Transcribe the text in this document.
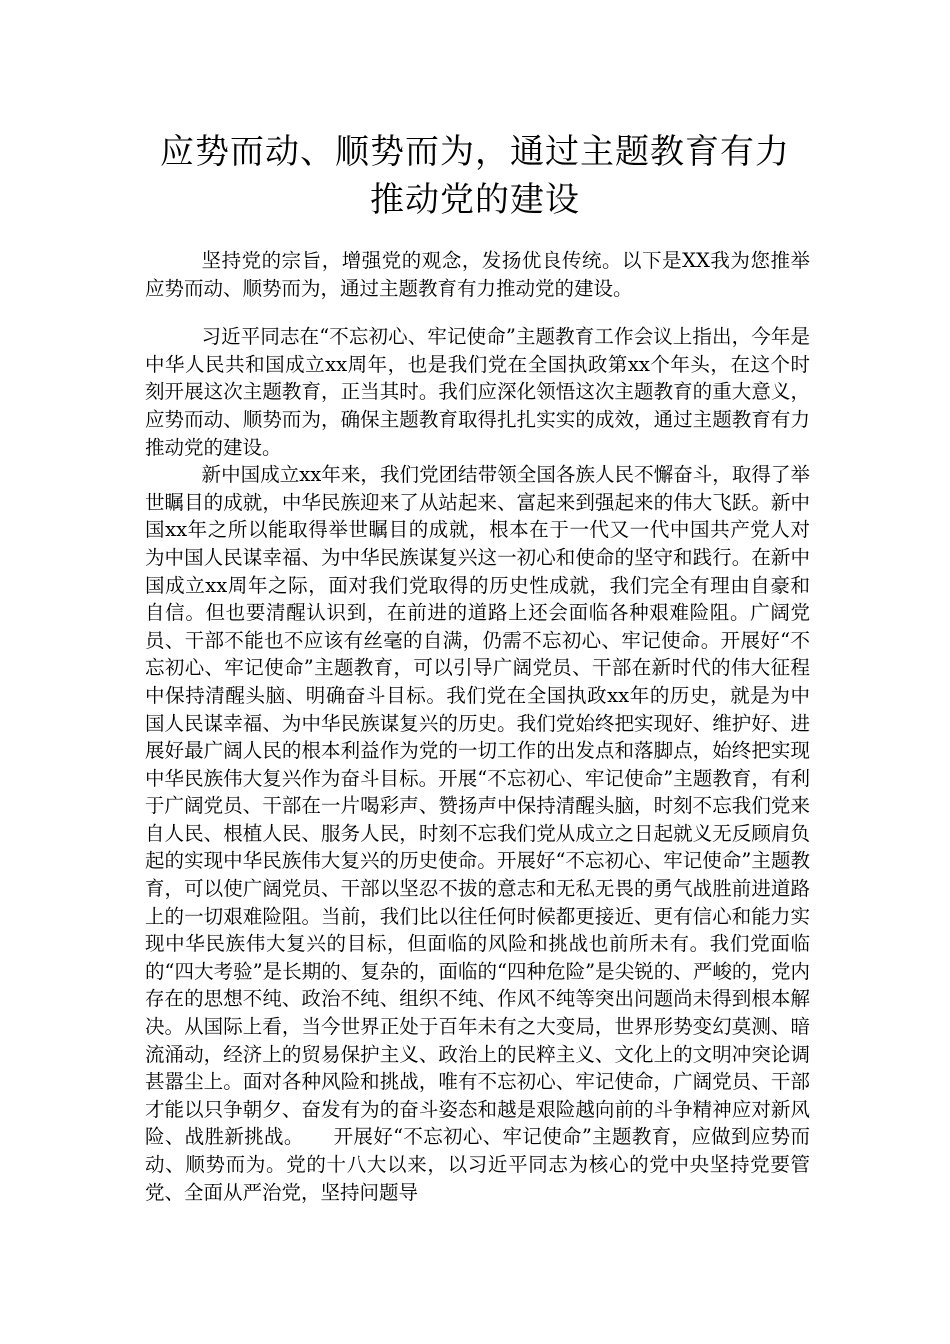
应势而动、顺势而为，通过主题教育有力
推动党的建设

坚持党的宗旨，增强党的观念，发扬优良传统。以下是XX我为您推举应势而动、顺势而为，通过主题教育有力推动党的建设。

习近平同志在“不忘初心、牢记使命”主题教育工作会议上指出，今年是中华人民共和国成立xx周年，也是我们党在全国执政第xx个年头，在这个时刻开展这次主题教育，正当其时。我们应深化领悟这次主题教育的重大意义，应势而动、顺势而为，确保主题教育取得扎扎实实的成效，通过主题教育有力推动党的建设。

新中国成立xx年来，我们党团结带领全国各族人民不懈奋斗，取得了举世瞩目的成就，中华民族迎来了从站起来、富起来到强起来的伟大飞跃。新中国xx年之所以能取得举世瞩目的成就，根本在于一代又一代中国共产党人对为中国人民谋幸福、为中华民族谋复兴这一初心和使命的坚守和践行。在新中国成立xx周年之际，面对我们党取得的历史性成就，我们完全有理由自豪和自信。但也要清醒认识到，在前进的道路上还会面临各种艰难险阻。广阔党员、干部不能也不应该有丝毫的自满，仍需不忘初心、牢记使命。开展好“不忘初心、牢记使命”主题教育，可以引导广阔党员、干部在新时代的伟大征程中保持清醒头脑、明确奋斗目标。我们党在全国执政xx年的历史，就是为中国人民谋幸福、为中华民族谋复兴的历史。我们党始终把实现好、维护好、进展好最广阔人民的根本利益作为党的一切工作的出发点和落脚点，始终把实现中华民族伟大复兴作为奋斗目标。开展“不忘初心、牢记使命”主题教育，有利于广阔党员、干部在一片喝彩声、赞扬声中保持清醒头脑，时刻不忘我们党来自人民、根植人民、服务人民，时刻不忘我们党从成立之日起就义无反顾肩负起的实现中华民族伟大复兴的历史使命。开展好“不忘初心、牢记使命”主题教育，可以使广阔党员、干部以坚忍不拔的意志和无私无畏的勇气战胜前进道路上的一切艰难险阻。当前，我们比以往任何时候都更接近、更有信心和能力实现中华民族伟大复兴的目标，但面临的风险和挑战也前所未有。我们党面临的“四大考验”是长期的、复杂的，面临的“四种危险”是尖锐的、严峻的，党内存在的思想不纯、政治不纯、组织不纯、作风不纯等突出问题尚未得到根本解决。从国际上看，当今世界正处于百年未有之大变局，世界形势变幻莫测、暗流涌动，经济上的贸易保护主义、政治上的民粹主义、文化上的文明冲突论调甚嚣尘上。面对各种风险和挑战，唯有不忘初心、牢记使命，广阔党员、干部才能以只争朝夕、奋发有为的奋斗姿态和越是艰险越向前的斗争精神应对新风险、战胜新挑战。　　开展好“不忘初心、牢记使命”主题教育，应做到应势而动、顺势而为。党的十八大以来，以习近平同志为核心的党中央坚持党要管党、全面从严治党，坚持问题导
